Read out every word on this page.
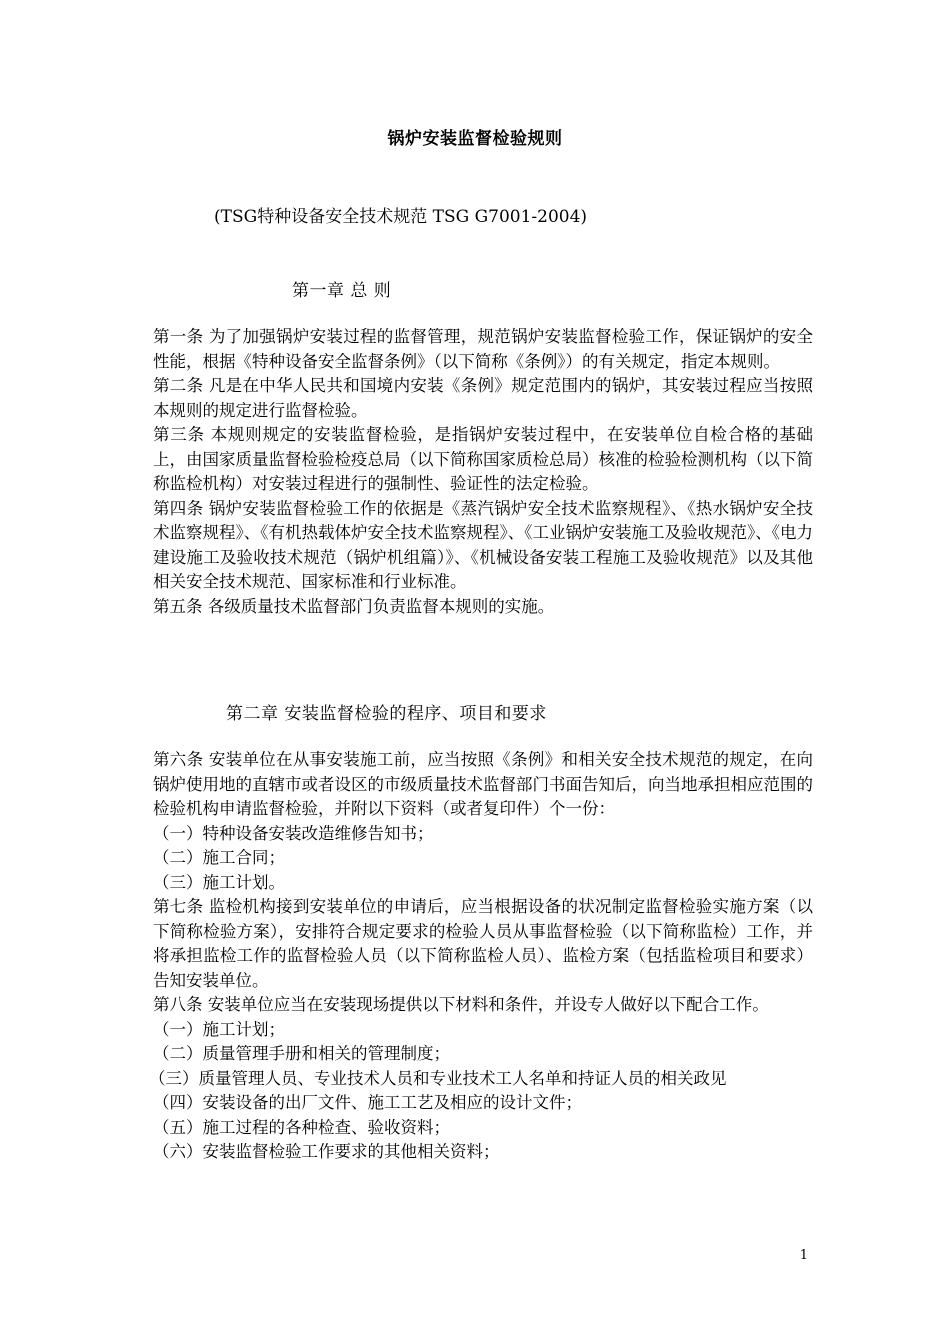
锅炉安装监督检验规则
(TSG特种设备安全技术规范 TSG G7001-2004)
第一章 总 则

第一条 为了加强锅炉安装过程的监督管理，规范锅炉安装监督检验工作，保证锅炉的安全性能，根据《特种设备安全监督条例》（以下简称《条例》）的有关规定，指定本规则。

第二条 凡是在中华人民共和国境内安装《条例》规定范围内的锅炉，其安装过程应当按照本规则的规定进行监督检验。

第三条 本规则规定的安装监督检验，是指锅炉安装过程中，在安装单位自检合格的基础上，由国家质量监督检验检疫总局（以下简称国家质检总局）核准的检验检测机构（以下简称监检机构）对安装过程进行的强制性、验证性的法定检验。

第四条 锅炉安装监督检验工作的依据是《蒸汽锅炉安全技术监察规程》、《热水锅炉安全技术监察规程》、《有机热载体炉安全技术监察规程》、《工业锅炉安装施工及验收规范》、《电力建设施工及验收技术规范（锅炉机组篇）》、《机械设备安装工程施工及验收规范》以及其他相关安全技术规范、国家标准和行业标准。

第五条 各级质量技术监督部门负责监督本规则的实施。

第二章 安装监督检验的程序、项目和要求

第六条 安装单位在从事安装施工前，应当按照《条例》和相关安全技术规范的规定，在向锅炉使用地的直辖市或者设区的市级质量技术监督部门书面告知后，向当地承担相应范围的检验机构申请监督检验，并附以下资料（或者复印件）个一份：

（一）特种设备安装改造维修告知书；

（二）施工合同；

（三）施工计划。

第七条 监检机构接到安装单位的申请后，应当根据设备的状况制定监督检验实施方案（以下简称检验方案），安排符合规定要求的检验人员从事监督检验（以下简称监检）工作，并将承担监检工作的监督检验人员（以下简称监检人员）、监检方案（包括监检项目和要求）告知安装单位。

第八条 安装单位应当在安装现场提供以下材料和条件，并设专人做好以下配合工作。

（一）施工计划；

（二）质量管理手册和相关的管理制度；

（三）质量管理人员、专业技术人员和专业技术工人名单和持证人员的相关政见

（四）安装设备的出厂文件、施工工艺及相应的设计文件；

（五）施工过程的各种检查、验收资料；

（六）安装监督检验工作要求的其他相关资料；

1
